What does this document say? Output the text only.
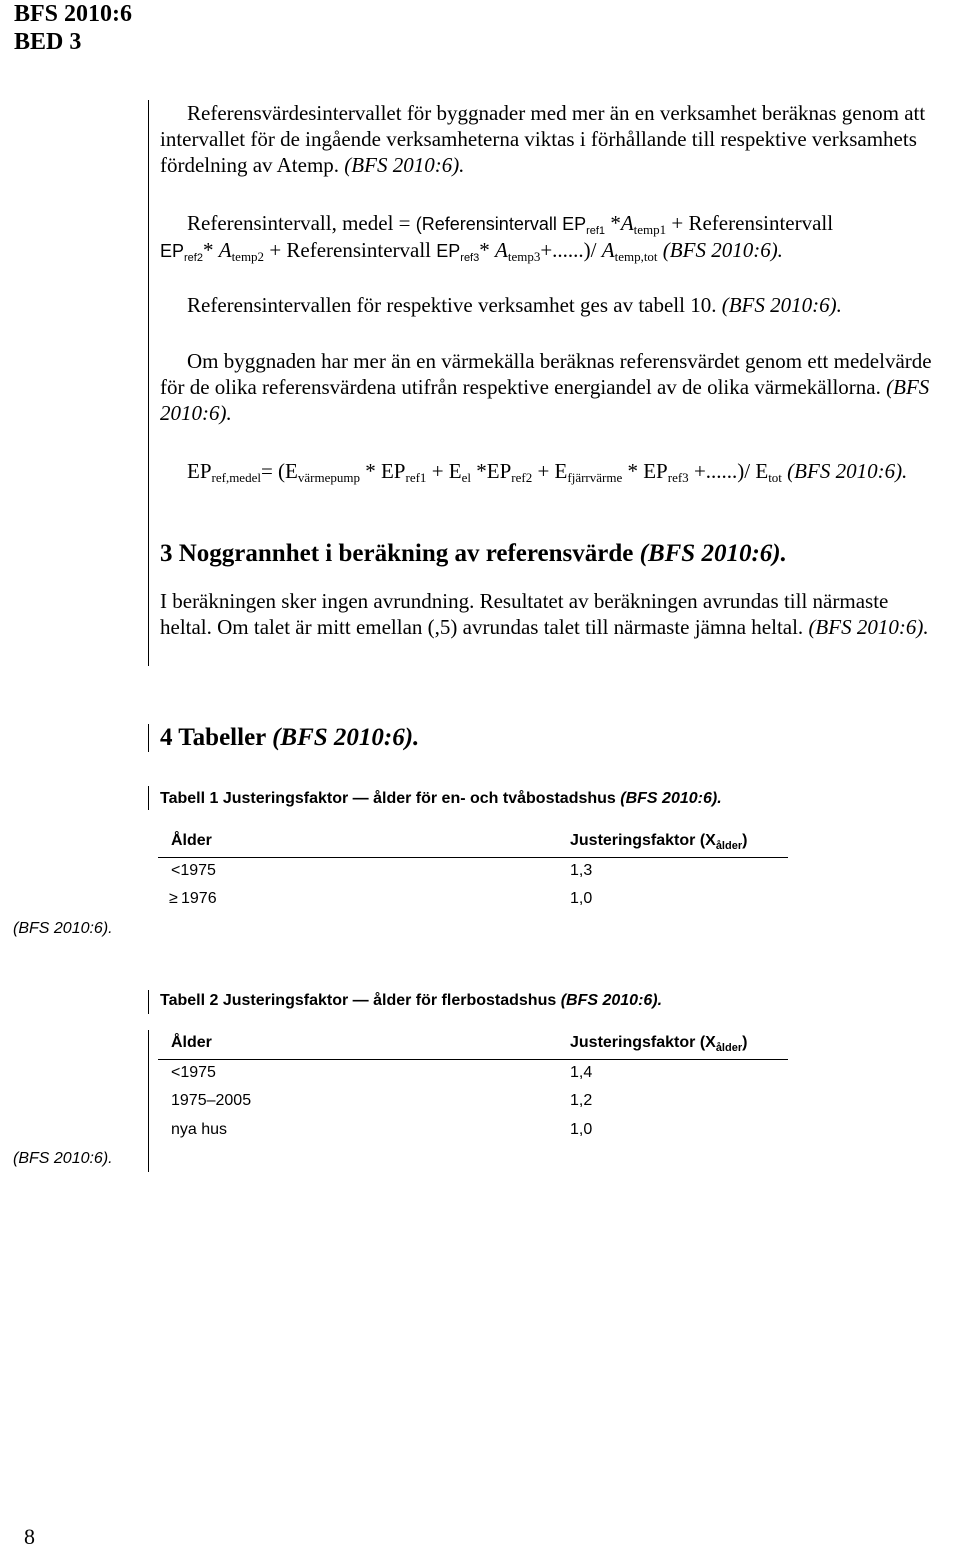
BFS 2010:6
BED 3

Referensvärdesintervallet för byggnader med mer än en verksamhet beräknas genom att intervallet för de ingående verksamheterna viktas i förhållande till respektive verksamhets fördelning av Atemp. (BFS 2010:6).

Referensintervall, medel = (Referensintervall $EP_{ref1}$ $*A_{temp1}$ + Referensintervall
$EP_{ref2}*$ $A_{temp2}$ + Referensintervall $EP_{ref3}*$ $A_{temp3}+......)/$ $A_{temp,tot}$ (BFS 2010:6).

Referensintervallen för respektive verksamhet ges av tabell 10. (BFS 2010:6).

Om byggnaden har mer än en värmekälla beräknas referensvärdet genom ett medelvärde för de olika referensvärdena utifrån respektive energiandel av de olika värmekällorna. (BFS 2010:6).

$EP_{ref,medel}= (E_{värmepump} * EP_{ref1} + E_{el}$ $*EP_{ref2} + E_{fjärrvärme} * EP_{ref3}$ +......)/ $E_{tot}$ (BFS 2010:6).

3 Noggrannhet i beräkning av referensvärde (BFS 2010:6).

I beräkningen sker ingen avrundning. Resultatet av beräkningen avrundas till närmaste heltal. Om talet är mitt emellan (,5) avrundas talet till närmaste jämna heltal. (BFS 2010:6).

4 Tabeller (BFS 2010:6).
Tabell 1 Justeringsfaktor — ålder för en- och tvåbostadshus (BFS 2010:6).
Ålder	Justeringsfaktor $(X_{ålder})$
<1975	1,3
≥ 1976	1,0
(BFS 2010:6).
Tabell 2 Justeringsfaktor — ålder för flerbostadshus (BFS 2010:6).
Ålder	Justeringsfaktor $(X_{ålder})$
<1975	1,4
1975–2005	1,2
nya hus	1,0
(BFS 2010:6).
8
